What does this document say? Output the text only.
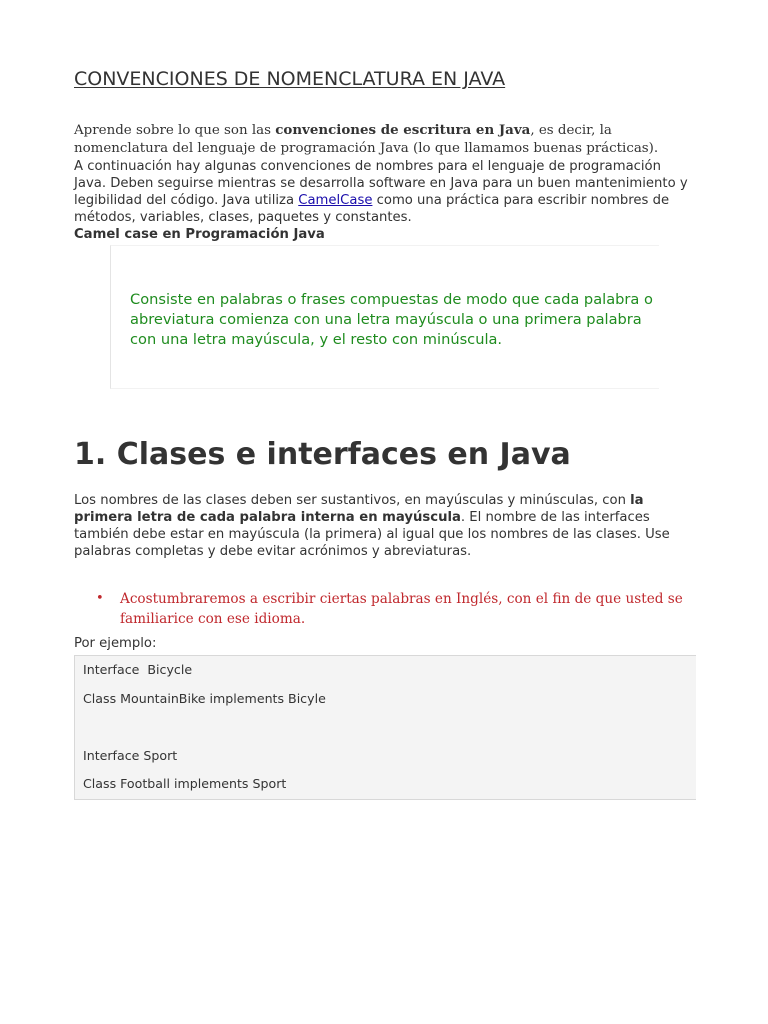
CONVENCIONES DE NOMENCLATURA EN JAVA

Aprende sobre lo que son las convenciones de escritura en Java, es decir, la nomenclatura del lenguaje de programación Java (lo que llamamos buenas prácticas).

A continuación hay algunas convenciones de nombres para el lenguaje de programación Java. Deben seguirse mientras se desarrolla software en Java para un buen mantenimiento y legibilidad del código. Java utiliza CamelCase como una práctica para escribir nombres de métodos, variables, clases, paquetes y constantes.

Camel case en Programación Java

Consiste en palabras o frases compuestas de modo que cada palabra o abreviatura comienza con una letra mayúscula o una primera palabra con una letra mayúscula, y el resto con minúscula.

1. Clases e interfaces en Java

Los nombres de las clases deben ser sustantivos, en mayúsculas y minúsculas, con la primera letra de cada palabra interna en mayúscula. El nombre de las interfaces también debe estar en mayúscula (la primera) al igual que los nombres de las clases. Use palabras completas y debe evitar acrónimos y abreviaturas.

• Acostumbraremos a escribir ciertas palabras en Inglés, con el fin de que usted se familiarice con ese idioma.

Por ejemplo:

Interface  Bicycle
Class MountainBike implements Bicyle
Interface Sport
Class Football implements Sport
